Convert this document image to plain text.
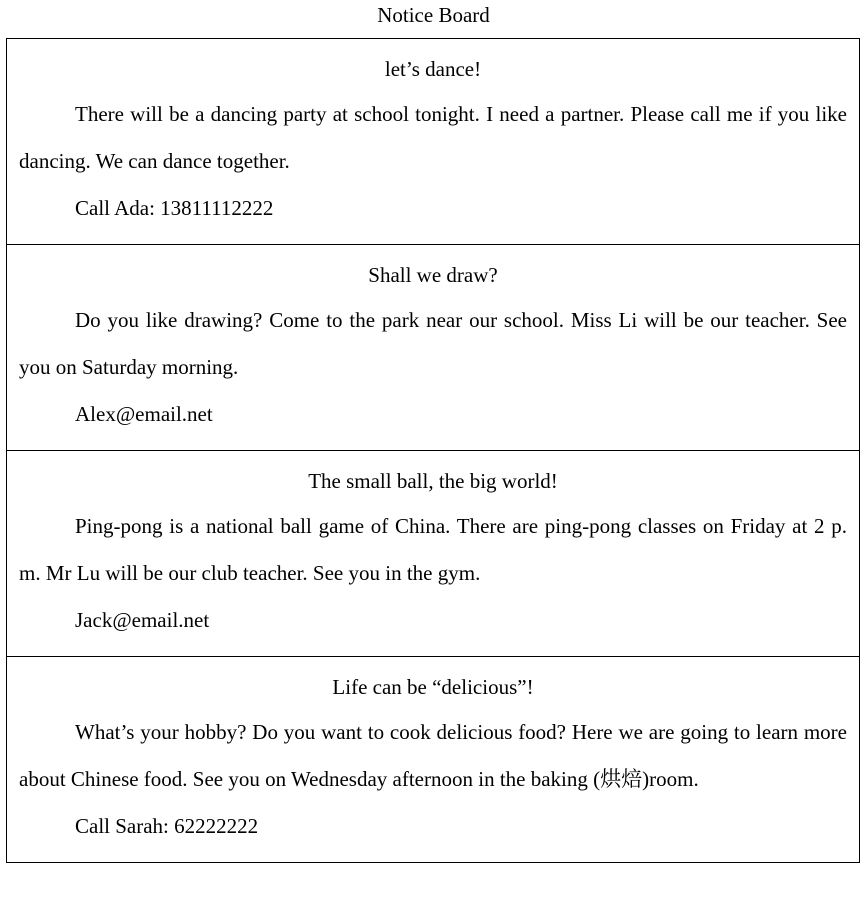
Notice Board

let’s dance!

There will be a dancing party at school tonight. I need a partner. Please call me if you like dancing. We can dance together.

Call Ada: 13811112222

Shall we draw?

Do you like drawing? Come to the park near our school. Miss Li will be our teacher. See you on Saturday morning.

Alex@email.net

The small ball, the big world!

Ping-pong is a national ball game of China. There are ping-pong classes on Friday at 2 p. m. Mr Lu will be our club teacher. See you in the gym.

Jack@email.net

Life can be “delicious”!

What’s your hobby? Do you want to cook delicious food? Here we are going to learn more about Chinese food. See you on Wednesday afternoon in the baking (烘焙)room.

Call Sarah: 62222222
